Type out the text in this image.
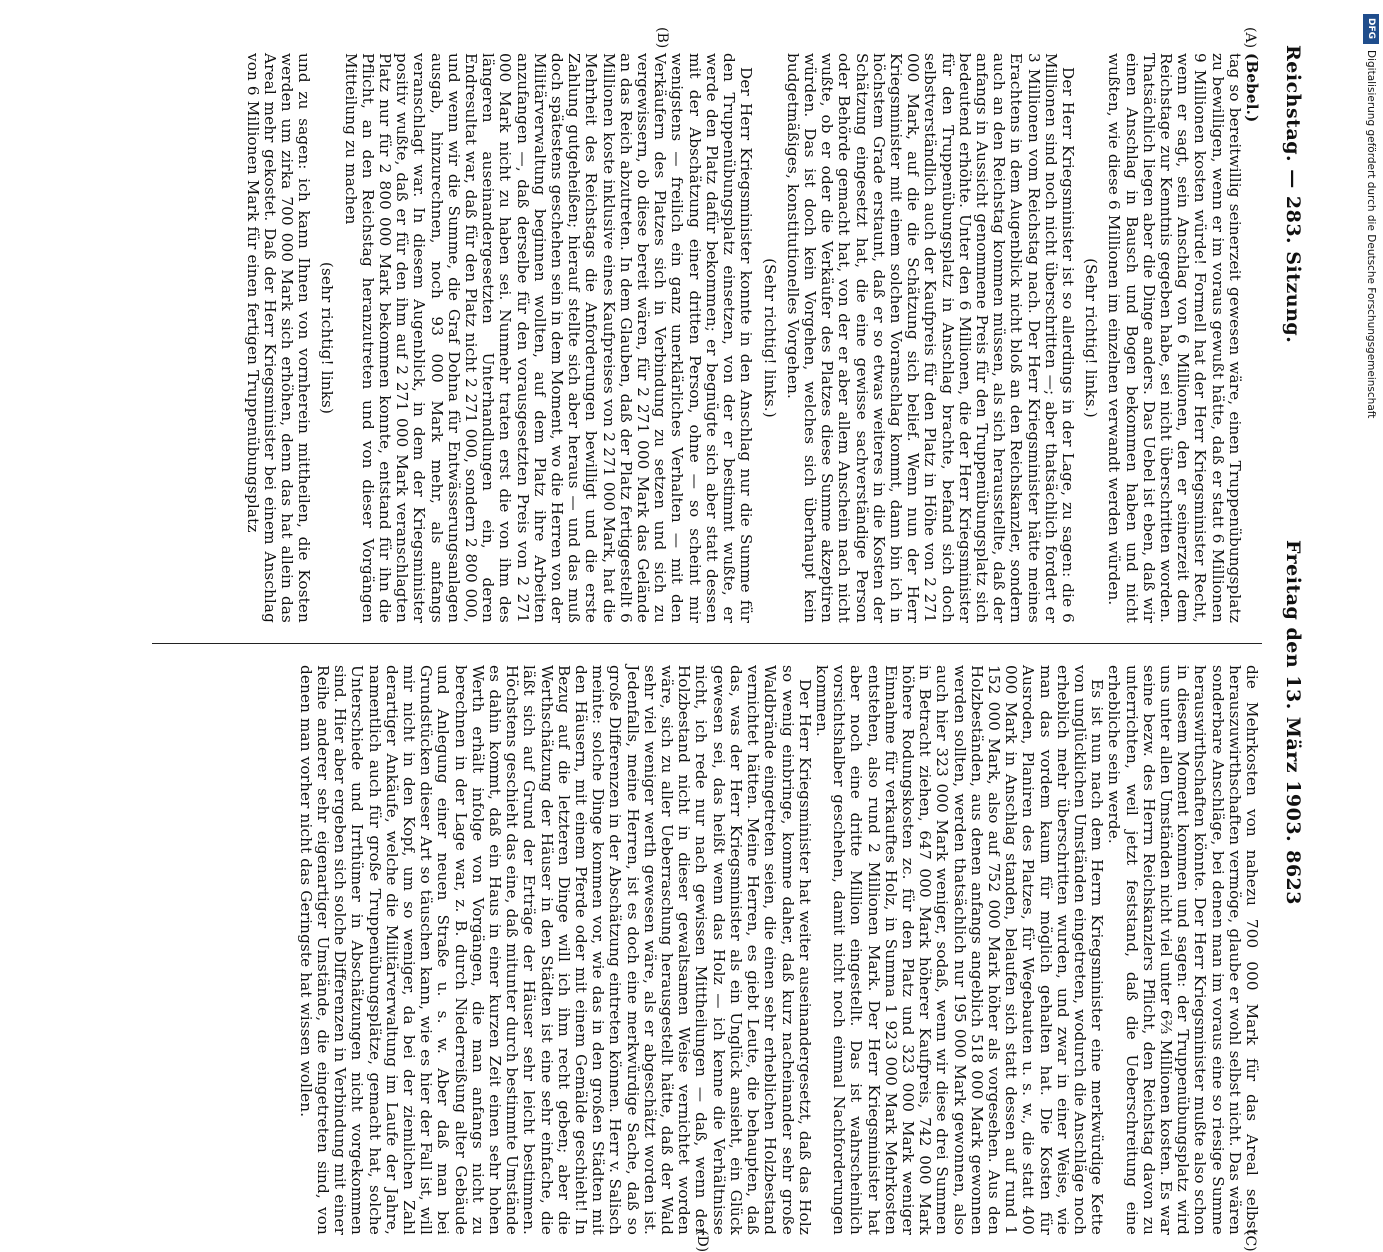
Reichstag. — 283. Sitzung.
Freitag den 13. März 1903.
8623
(A)
(B)
(C)
(D)

(Bebel.)

tag so bereitwillig seinerzeit gewesen wäre, einen Truppenübungsplatz zu bewilligen, wenn er im voraus gewußt hätte, daß er statt 6 Millionen 9 Millionen kosten würde! Formell hat der Herr Kriegsminister Recht, wenn er sagt, sein Anschlag von 6 Millionen, den er seinerzeit dem Reichstage zur Kenntnis gegeben habe, sei nicht überschritten worden. Thatsächlich liegen aber die Dinge anders. Das Uebel ist eben, daß wir einen Anschlag in Bausch und Bogen bekommen haben und nicht wußten, wie diese 6 Millionen im einzelnen verwandt werden würden.

(Sehr richtig! links.)

Der Herr Kriegsminister ist so allerdings in der Lage, zu sagen: die 6 Millionen sind noch nicht überschritten —; aber thatsächlich fordert er 3 Millionen vom Reichstag nach. Der Herr Kriegsminister hätte meines Erachtens in dem Augenblick nicht bloß an den Reichskanzler, sondern auch an den Reichstag kommen müssen, als sich herausstellte, daß der anfangs in Aussicht genommene Preis für den Truppenübungsplatz sich bedeutend erhöhte. Unter den 6 Millionen, die der Herr Kriegsminister für den Truppenübungsplatz in Anschlag brachte, befand sich doch selbstverständlich auch der Kaufpreis für den Platz in Höhe von 2 271 000 Mark, auf die die Schätzung sich belief. Wenn nun der Herr Kriegsminister mit einem solchen Voranschlag kommt, dann bin ich in höchstem Grade erstaunt, daß er so etwas weiteres in die Kosten der Schätzung eingesetzt hat, die eine gewisse sachverständige Person oder Behörde gemacht hat, von der er aber allem Anschein nach nicht wußte, ob er oder die Verkäufer des Platzes diese Summe akzeptiren würden. Das ist doch kein Vorgehen, welches sich überhaupt kein budgetmäßiges, konstitutionelles Vorgehen.

(Sehr richtig! links.)

Der Herr Kriegsminister konnte in den Anschlag nur die Summe für den Truppenübungsplatz einsetzen, von der er bestimmt wußte, er werde den Platz dafür bekommen; er begnügte sich aber statt dessen mit der Abschätzung einer dritten Person, ohne — so scheint mir wenigstens — freilich ein ganz unerklärliches Verhalten — mit den Verkäufern des Platzes sich in Verbindung zu setzen und sich zu vergewissern, ob diese bereit wären, für 2 271 000 Mark das Gelände an das Reich abzutreten. In dem Glauben, daß der Platz fertiggestellt 6 Millionen koste inklusive eines Kaufpreises von 2 271 000 Mark, hat die Mehrheit des Reichstags die Anforderungen bewilligt und die erste Zahlung gutgeheißen; hierauf stellte sich aber heraus — und das muß doch spätestens geschehen sein in dem Moment, wo die Herren von der Militärverwaltung beginnen wollten, auf dem Platz ihre Arbeiten anzufangen —, daß derselbe für den vorausgesetzten Preis von 2 271 000 Mark nicht zu haben sei. Nunmehr traten erst die von ihm des längeren auseinandergesetzten Unterhandlungen ein, deren Endresultat war, daß für den Platz nicht 2 271 000, sondern 2 800 000, und wenn wir die Summe, die Graf Dohna für Entwässerungsanlagen ausgab, hinzurechnen, noch 93 000 Mark mehr, als anfangs veranschlagt war. In diesem Augenblick, in dem der Kriegsminister positiv wußte, daß er für den ihm auf 2 271 000 Mark veranschlagten Platz nur für 2 800 000 Mark bekommen konnte, entstand für ihn die Pflicht, an den Reichstag heranzutreten und von dieser Vorgängen Mitteilung zu machen

(sehr richtig! links)

und zu sagen: ich kann Ihnen von vornherein mittheilen, die Kosten werden um zirka 700 000 Mark sich erhöhen, denn das hat allein das Areal mehr gekostet. Daß der Herr Kriegsminister bei einem Anschlag von 6 Millionen Mark für einen fertigen Truppenübungsplatz

die Mehrkosten von nahezu 700 000 Mark für das Areal selbst herauszuwirthschaften vermöge, glaube er wohl selbst nicht. Das wären sonderbare Anschläge, bei denen man im voraus eine so riesige Summe herauswirthschaften könnte. Der Herr Kriegsminister mußte also schon in diesem Moment kommen und sagen: der Truppenübungsplatz wird uns unter allen Umständen nicht viel unter 6⅔ Millionen kosten. Es war seine bezw. des Herrn Reichskanzlers Pflicht, den Reichstag davon zu unterrichten, weil jetzt feststand, daß die Ueberschreitung eine erhebliche sein werde.

Es ist nun nach dem Herrn Kriegsminister eine merkwürdige Kette von unglücklichen Umständen eingetreten, wodurch die Anschläge noch erheblich mehr überschritten wurden, und zwar in einer Weise, wie man das vordem kaum für möglich gehalten hat. Die Kosten für Ausroden, Planiren des Platzes, für Wegebauten u. s. w., die statt 400 000 Mark in Anschlag standen, belaufen sich statt dessen auf rund 1 152 000 Mark, also auf 752 000 Mark höher als vorgesehen. Aus den Holzbeständen, aus denen anfangs angeblich 518 000 Mark gewonnen werden sollten, werden thatsächlich nur 195 000 Mark gewonnen, also auch hier 323 000 Mark weniger, sodaß, wenn wir diese drei Summen in Betracht ziehen, 647 000 Mark höherer Kaufpreis, 742 000 Mark höhere Rodungskosten zc. für den Platz und 323 000 Mark weniger Einnahme für verkauftes Holz, in Summa 1 923 000 Mark Mehrkosten entstehen, also rund 2 Millionen Mark. Der Herr Kriegsminister hat aber noch eine dritte Million eingestellt. Das ist wahrscheinlich vorsichtshalber geschehen, damit nicht noch einmal Nachforderungen kommen.

Der Herr Kriegsminister hat weiter auseinandergesetzt, daß das Holz so wenig einbringe, komme daher, daß kurz nacheinander sehr große Waldbrände eingetreten seien, die einen sehr erheblichen Holzbestand vernichtet hätten. Meine Herren, es giebt Leute, die behaupten, daß das, was der Herr Kriegsminister als ein Unglück ansieht, ein Glück gewesen sei, das heißt wenn das Holz — ich kenne die Verhältnisse nicht, ich rede nur nach gewissen Mittheilungen — daß, wenn der Holzbestand nicht in dieser gewaltsamen Weise vernichtet worden wäre, sich zu aller Ueberraschung herausgestellt hätte, daß der Wald sehr viel weniger werth gewesen wäre, als er abgeschätzt worden ist. Jedenfalls, meine Herren, ist es doch eine merkwürdige Sache, daß so große Differenzen in der Abschätzung eintreten können. Herr v. Salisch meinte: solche Dinge kommen vor, wie das in den großen Städten mit den Häusern, mit einem Pferde oder mit einem Gemälde geschieht! In Bezug auf die letzteren Dinge will ich ihm recht geben; aber die Werthschätzung der Häuser in den Städten ist eine sehr einfache, die läßt sich auf Grund der Erträge der Häuser sehr leicht bestimmen. Höchstens geschieht das eine, daß mitunter durch bestimmte Umstände es dahin kommt, daß ein Haus in einer kurzen Zeit einen sehr hohen Werth erhält infolge von Vorgängen, die man anfangs nicht zu berechnen in der Lage war, z. B. durch Niederreißung alter Gebäude und Anlegung einer neuen Straße u. s. w. Aber daß man bei Grundstücken dieser Art so täuschen kann, wie es hier der Fall ist, will mir nicht in den Kopf, um so weniger, da bei der ziemlichen Zahl derartiger Ankäufe, welche die Militärverwaltung im Laufe der Jahre, namentlich auch für große Truppenübungsplätze, gemacht hat, solche Unterschiede und Irrthümer in Abschätzungen nicht vorgekommen sind. Hier aber ergeben sich solche Differenzen in Verbindung mit einer Reihe anderer sehr eigenartiger Umstände, die eingetreten sind, von denen man vorher nicht das Geringste hat wissen wollen.

DFG
Digitalisierung gefördert durch die Deutsche Forschungsgemeinschaft
